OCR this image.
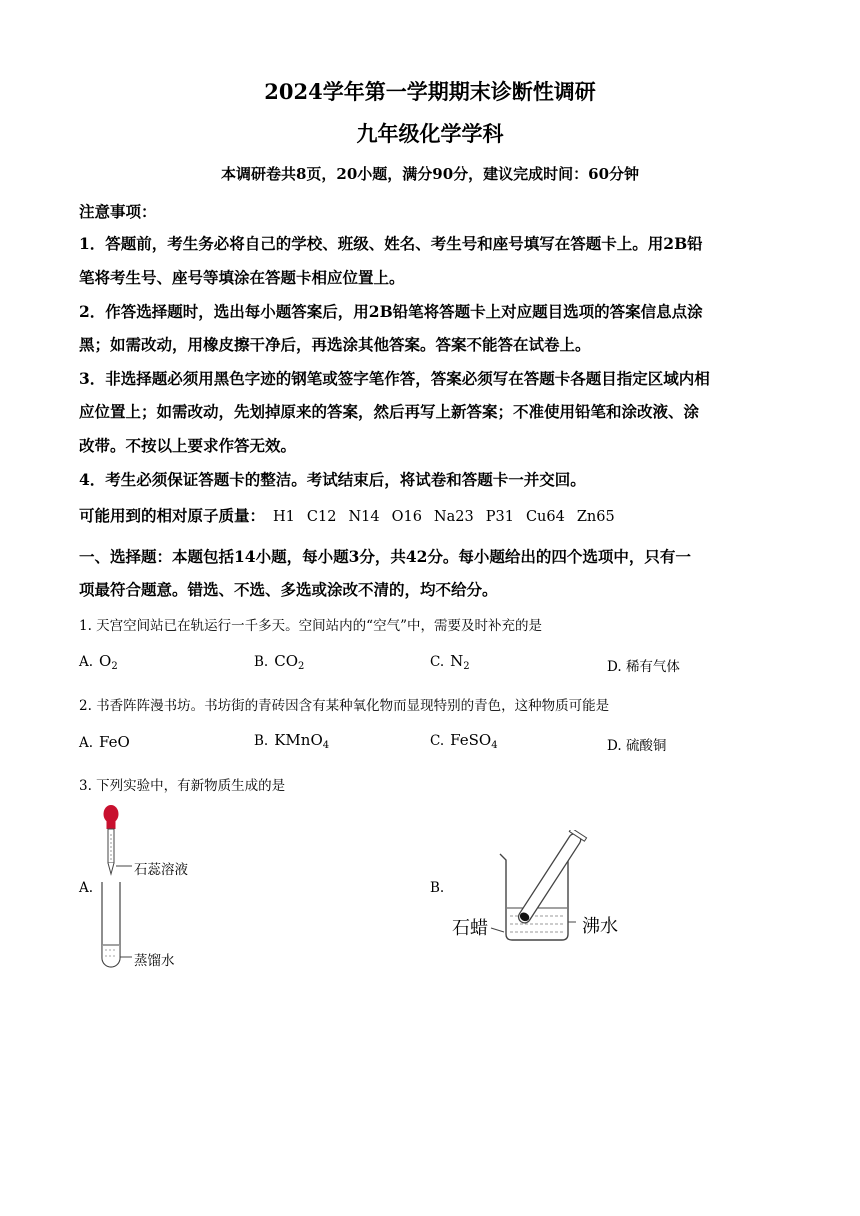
2024学年第一学期期末诊断性调研
九年级化学学科
本调研卷共8页，20小题，满分90分，建议完成时间：60分钟
注意事项：
1．答题前，考生务必将自己的学校、班级、姓名、考生号和座号填写在答题卡上。用2B铅
笔将考生号、座号等填涂在答题卡相应位置上。
2．作答选择题时，选出每小题答案后，用2B铅笔将答题卡上对应题目选项的答案信息点涂
黑；如需改动，用橡皮擦干净后，再选涂其他答案。答案不能答在试卷上。
3．非选择题必须用黑色字迹的钢笔或签字笔作答，答案必须写在答题卡各题目指定区域内相
应位置上；如需改动，先划掉原来的答案，然后再写上新答案；不准使用铅笔和涂改液、涂
改带。不按以上要求作答无效。
4．考生必须保证答题卡的整洁。考试结束后，将试卷和答题卡一并交回。
可能用到的相对原子质量： H1 C12 N14 O16 Na23 P31 Cu64 Zn65
一、选择题：本题包括14小题，每小题3分，共42分。每小题给出的四个选项中，只有一
项最符合题意。错选、不选、多选或涂改不清的，均不给分。
1. 天宫空间站已在轨运行一千多天。空间站内的“空气”中，需要及时补充的是
A. $O_2$	B. $CO_2$	C. $N_2$	D. 稀有气体
2. 书香阵阵漫书坊。书坊街的青砖因含有某种氧化物而显现特别的青色，这种物质可能是
A. FeO	B. KMnO$_4$	C. FeSO$_4$	D. 硫酸铜
3. 下列实验中，有新物质生成的是
A.
石蕊溶液
蒸馏水
B.
石蜡	沸水
